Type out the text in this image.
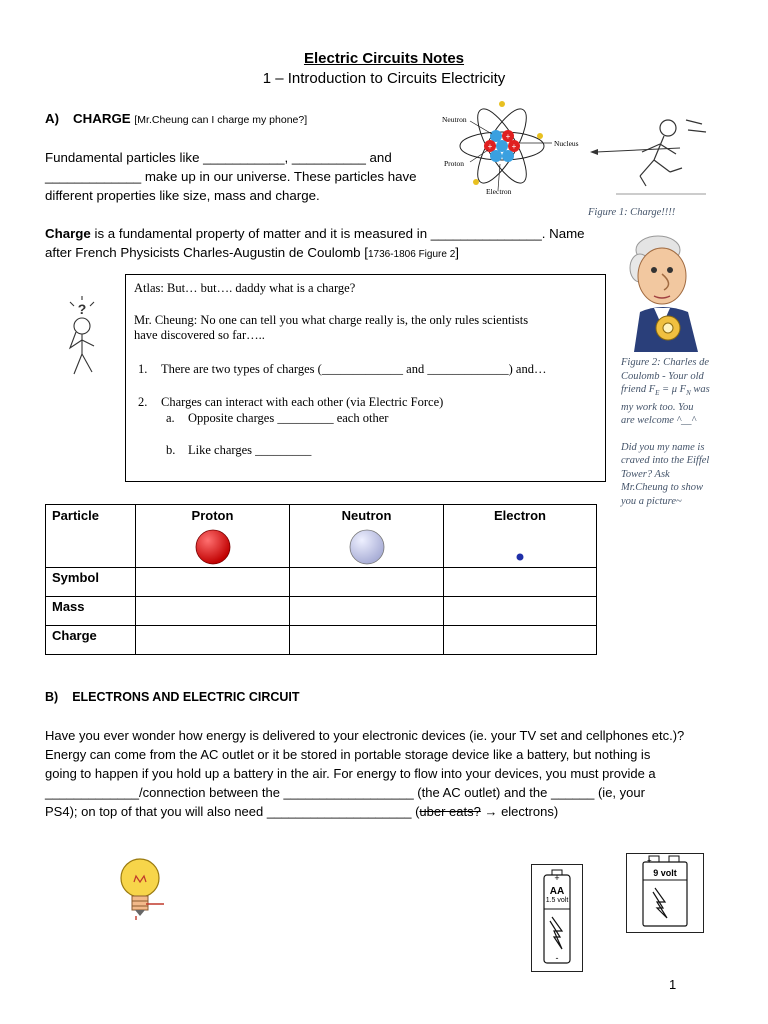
Electric Circuits Notes
1 – Introduction to Circuits Electricity
A) CHARGE [Mr.Cheung can I charge my phone?]
Fundamental particles like ___________, __________ and
_____________ make up in our universe. These particles have
different properties like size, mass and charge.
Charge is a fundamental property of matter and it is measured in _______________. Name
after French Physicists Charles-Augustin de Coulomb [1736-1806 Figure 2]
+
+ +
Neutron
Nucleus
Proton
Electron
Figure 1: Charge!!!!
Figure 2: Charles de
Coulomb - Your old
friend $F_E = \mu$ $F_N$ was
my work too. You
are welcome ^__^
Did you my name is
craved into the Eiffel
Tower? Ask
Mr.Cheung to show
you a picture~
?
Atlas: But… but…. daddy what is a charge?
Mr. Cheung: No one can tell you what charge really is, the only rules scientists
have discovered so far…..
1. There are two types of charges (_____________ and _____________) and…
2. Charges can interact with each other (via Electric Force)
a. Opposite charges _________ each other
b. Like charges _________
Particle	Proton	Neutron	Electron

Symbol			
Mass			
Charge			
B) ELECTRONS AND ELECTRIC CIRCUIT
Have you ever wonder how energy is delivered to your electronic devices (ie. your TV set and cellphones etc.)?
Energy can come from the AC outlet or it be stored in portable storage device like a battery, but nothing is
going to happen if you hold up a battery in the air. For energy to flow into your devices, you must provide a
_____________/connection between the __________________ (the AC outlet) and the ______ (ie, your
PS4); on top of that you will also need ____________________ (uber eats? → electrons)
+
AA
1.5 volt
-
+
9 volt
1
